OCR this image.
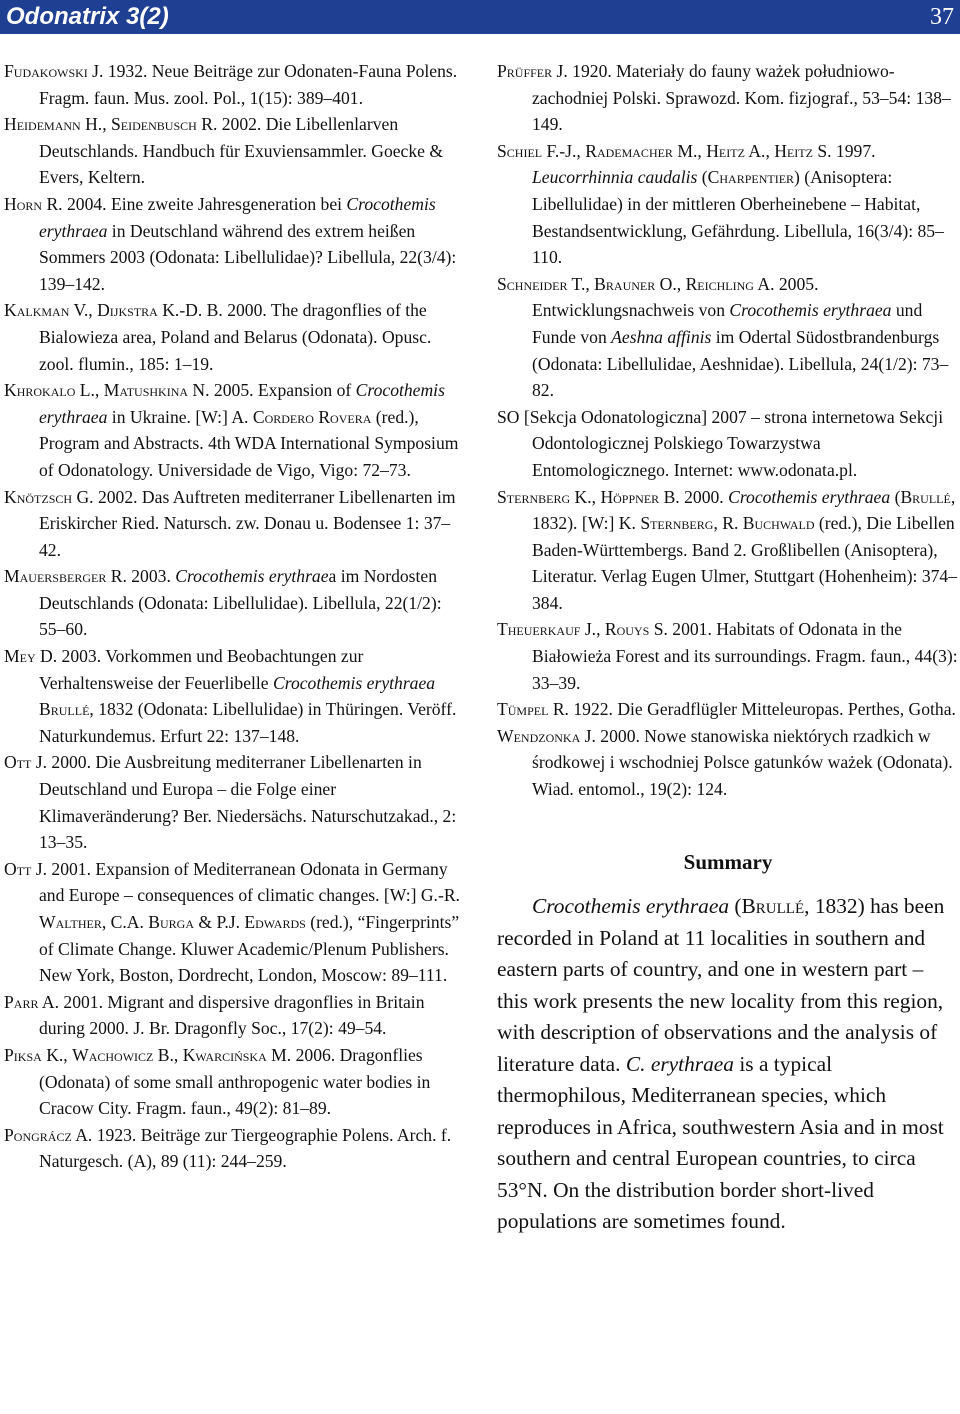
Odonatrix 3(2)	37

Fudakowski J. 1932. Neue Beiträge zur Odonaten-Fauna Polens. Fragm. faun. Mus. zool. Pol., 1(15): 389–401.

Heidemann H., Seidenbusch R. 2002. Die Libellenlarven Deutschlands. Handbuch für Exuviensammler. Goecke & Evers, Keltern.

Horn R. 2004. Eine zweite Jahresgeneration bei Crocothemis erythraea in Deutschland während des extrem heißen Sommers 2003 (Odonata: Libellulidae)? Libellula, 22(3/4): 139–142.

Kalkman V., Dijkstra K.-D. B. 2000. The dragonflies of the Bialowieza area, Poland and Belarus (Odonata). Opusc. zool. flumin., 185: 1–19.

Khrokalo L., Matushkina N. 2005. Expansion of Crocothemis erythraea in Ukraine. [W:] A. Cordero Rovera (red.), Program and Abstracts. 4th WDA International Symposium of Odonatology. Universidade de Vigo, Vigo: 72–73.

Knötzsch G. 2002. Das Auftreten mediterraner Libellenarten im Eriskircher Ried. Natursch. zw. Donau u. Bodensee 1: 37–42.

Mauersberger R. 2003. Crocothemis erythraea im Nordosten Deutschlands (Odonata: Libellulidae). Libellula, 22(1/2): 55–60.

Mey D. 2003. Vorkommen und Beobachtungen zur Verhaltensweise der Feuerlibelle Crocothemis erythraea Brullé, 1832 (Odonata: Libellulidae) in Thüringen. Veröff. Naturkundemus. Erfurt 22: 137–148.

Ott J. 2000. Die Ausbreitung mediterraner Libellenarten in Deutschland und Europa – die Folge einer Klimaveränderung? Ber. Niedersächs. Naturschutzakad., 2: 13–35.

Ott J. 2001. Expansion of Mediterranean Odonata in Germany and Europe – consequences of climatic changes. [W:] G.-R. Walther, C.A. Burga & P.J. Edwards (red.), “Fingerprints” of Climate Change. Kluwer Academic/Plenum Publishers. New York, Boston, Dordrecht, London, Moscow: 89–111.

Parr A. 2001. Migrant and dispersive dragonflies in Britain during 2000. J. Br. Dragonfly Soc., 17(2): 49–54.

Piksa K., Wachowicz B., Kwarcińska M. 2006. Dragonflies (Odonata) of some small anthropogenic water bodies in Cracow City. Fragm. faun., 49(2): 81–89.

Pongrácz A. 1923. Beiträge zur Tiergeographie Polens. Arch. f. Naturgesch. (A), 89 (11): 244–259.

Prüffer J. 1920. Materiały do fauny ważek południowo-zachodniej Polski. Sprawozd. Kom. fizjograf., 53–54: 138–149.

Schiel F.-J., Rademacher M., Heitz A., Heitz S. 1997. Leucorrhinnia caudalis (Charpentier) (Anisoptera: Libellulidae) in der mittleren Oberheinebene – Habitat, Bestandsentwicklung, Gefährdung. Libellula, 16(3/4): 85–110.

Schneider T., Brauner O., Reichling A. 2005. Entwicklungsnachweis von Crocothemis erythraea und Funde von Aeshna affinis im Odertal Südostbrandenburgs (Odonata: Libellulidae, Aeshnidae). Libellula, 24(1/2): 73–82.

SO [Sekcja Odonatologiczna] 2007 – strona internetowa Sekcji Odontologicznej Polskiego Towarzystwa Entomologicznego. Internet: www.odonata.pl.

Sternberg K., Höppner B. 2000. Crocothemis erythraea (Brullé, 1832). [W:] K. Sternberg, R. Buchwald (red.), Die Libellen Baden-Württembergs. Band 2. Großlibellen (Anisoptera), Literatur. Verlag Eugen Ulmer, Stuttgart (Hohenheim): 374–384.

Theuerkauf J., Rouys S. 2001. Habitats of Odonata in the Białowieża Forest and its surroundings. Fragm. faun., 44(3): 33–39.

Tümpel R. 1922. Die Geradflügler Mitteleuropas. Perthes, Gotha.

Wendzonka J. 2000. Nowe stanowiska niektórych rzadkich w środkowej i wschodniej Polsce gatunków ważek (Odonata). Wiad. entomol., 19(2): 124.

Summary

Crocothemis erythraea (Brullé, 1832) has been recorded in Poland at 11 localities in southern and eastern parts of country, and one in western part – this work presents the new locality from this region, with description of observations and the analysis of literature data. C. erythraea is a typical thermophilous, Mediterranean species, which reproduces in Africa, southwestern Asia and in most southern and central European countries, to circa 53°N. On the distribution border short-lived populations are sometimes found.
